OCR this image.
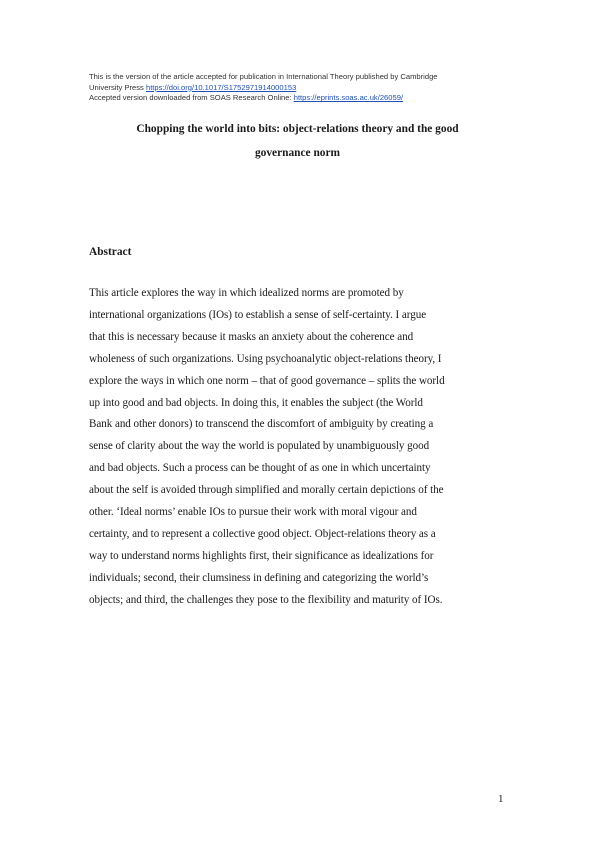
This is the version of the article accepted for publication in International Theory published by Cambridge
University Press https://doi.org/10.1017/S1752971914000153
Accepted version downloaded from SOAS Research Online: https://eprints.soas.ac.uk/26059/
Chopping the world into bits: object-relations theory and the good
governance norm
Abstract
This article explores the way in which idealized norms are promoted by
international organizations (IOs) to establish a sense of self-certainty. I argue
that this is necessary because it masks an anxiety about the coherence and
wholeness of such organizations. Using psychoanalytic object-relations theory, I
explore the ways in which one norm – that of good governance – splits the world
up into good and bad objects. In doing this, it enables the subject (the World
Bank and other donors) to transcend the discomfort of ambiguity by creating a
sense of clarity about the way the world is populated by unambiguously good
and bad objects. Such a process can be thought of as one in which uncertainty
about the self is avoided through simplified and morally certain depictions of the
other. ‘Ideal norms’ enable IOs to pursue their work with moral vigour and
certainty, and to represent a collective good object. Object-relations theory as a
way to understand norms highlights first, their significance as idealizations for
individuals; second, their clumsiness in defining and categorizing the world’s
objects; and third, the challenges they pose to the flexibility and maturity of IOs.
1
